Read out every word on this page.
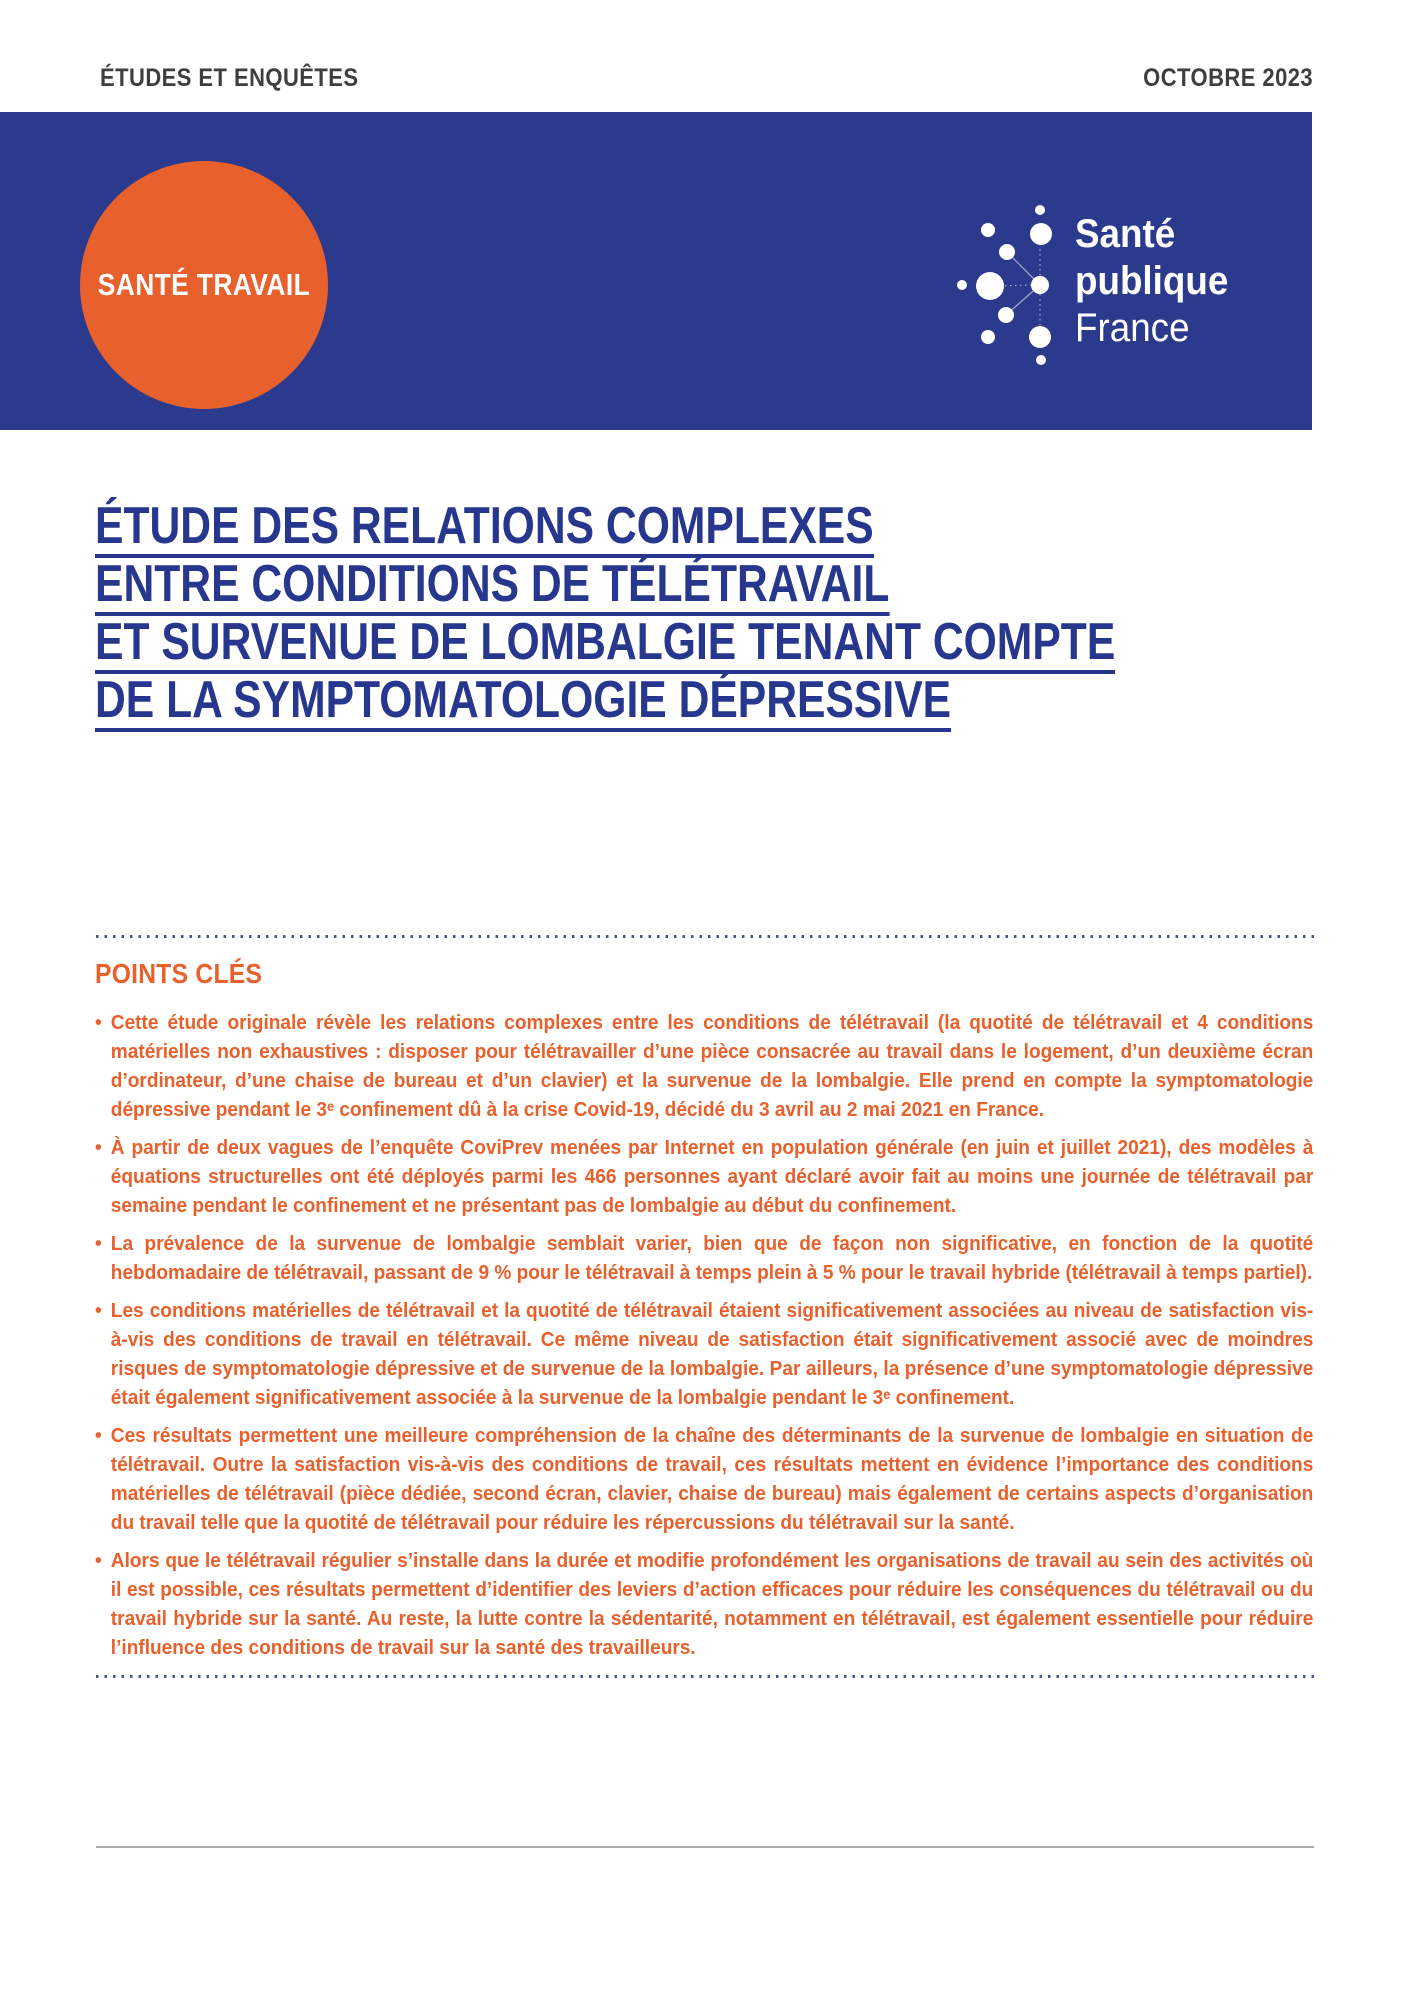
ÉTUDES ET ENQUÊTES	OCTOBRE 2023
SANTÉ TRAVAIL
Santé
publique
France
ÉTUDE DES RELATIONS COMPLEXES
ENTRE CONDITIONS DE TÉLÉTRAVAIL
ET SURVENUE DE LOMBALGIE TENANT COMPTE
DE LA SYMPTOMATOLOGIE DÉPRESSIVE
POINTS CLÉS
• Cette étude originale révèle les relations complexes entre les conditions de télétravail (la quotité de télétravail et 4 conditions matérielles non exhaustives : disposer pour télétravailler d’une pièce consacrée au travail dans le logement, d’un deuxième écran d’ordinateur, d’une chaise de bureau et d’un clavier) et la survenue de la lombalgie. Elle prend en compte la symptomatologie dépressive pendant le 3ᵉ confinement dû à la crise Covid-19, décidé du 3 avril au 2 mai 2021 en France.
• À partir de deux vagues de l’enquête CoviPrev menées par Internet en population générale (en juin et juillet 2021), des modèles à équations structurelles ont été déployés parmi les 466 personnes ayant déclaré avoir fait au moins une journée de télétravail par semaine pendant le confinement et ne présentant pas de lombalgie au début du confinement.
• La prévalence de la survenue de lombalgie semblait varier, bien que de façon non significative, en fonction de la quotité hebdomadaire de télétravail, passant de 9 % pour le télétravail à temps plein à 5 % pour le travail hybride (télétravail à temps partiel).
• Les conditions matérielles de télétravail et la quotité de télétravail étaient significativement associées au niveau de satisfaction vis-à-vis des conditions de travail en télétravail. Ce même niveau de satisfaction était significativement associé avec de moindres risques de symptomatologie dépressive et de survenue de la lombalgie. Par ailleurs, la présence d’une symptomatologie dépressive était également significativement associée à la survenue de la lombalgie pendant le 3ᵉ confinement.
• Ces résultats permettent une meilleure compréhension de la chaîne des déterminants de la survenue de lombalgie en situation de télétravail. Outre la satisfaction vis-à-vis des conditions de travail, ces résultats mettent en évidence l’importance des conditions matérielles de télétravail (pièce dédiée, second écran, clavier, chaise de bureau) mais également de certains aspects d’organisation du travail telle que la quotité de télétravail pour réduire les répercussions du télétravail sur la santé.
• Alors que le télétravail régulier s’installe dans la durée et modifie profondément les organisations de travail au sein des activités où il est possible, ces résultats permettent d’identifier des leviers d’action efficaces pour réduire les conséquences du télétravail ou du travail hybride sur la santé. Au reste, la lutte contre la sédentarité, notamment en télétravail, est également essentielle pour réduire l’influence des conditions de travail sur la santé des travailleurs.
